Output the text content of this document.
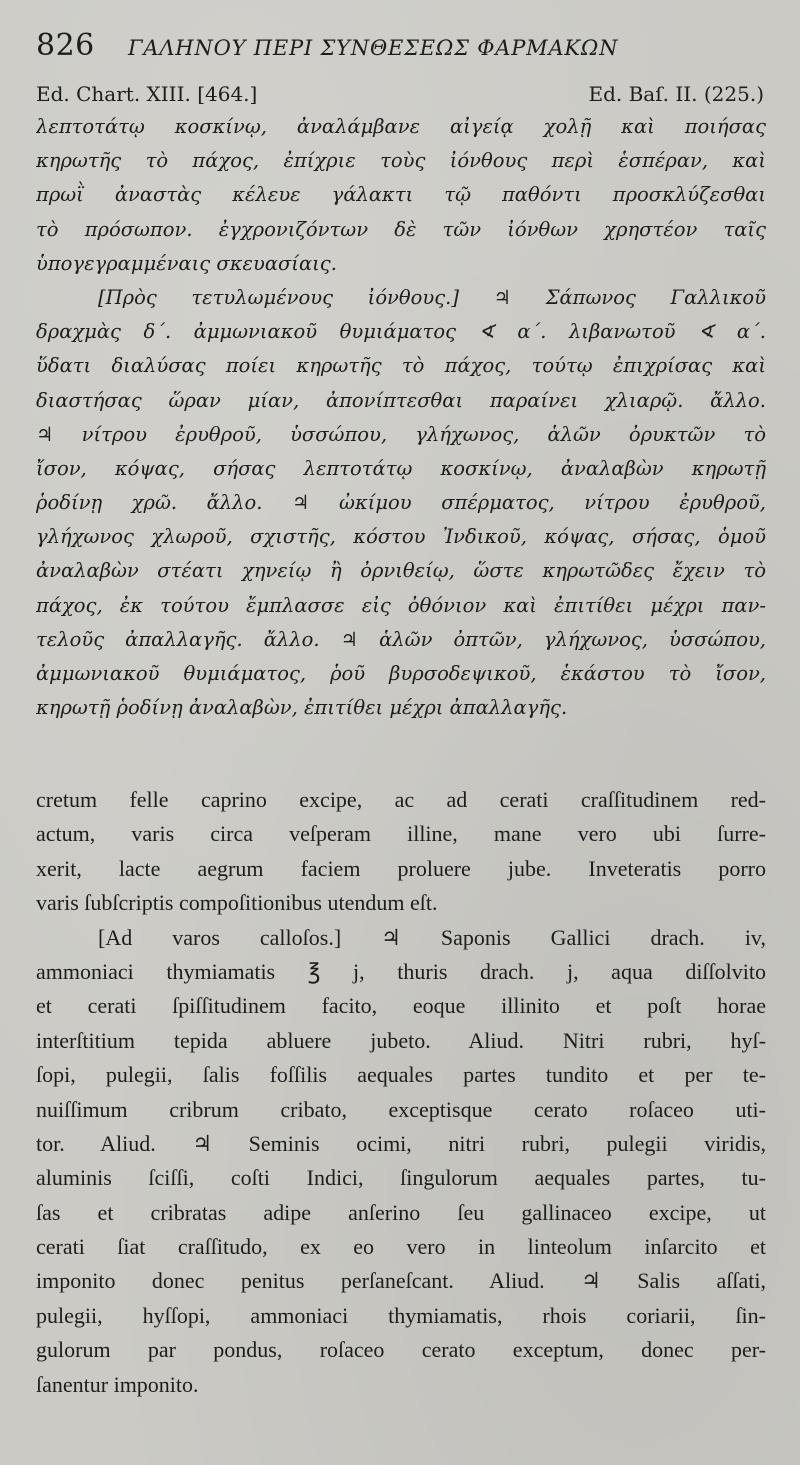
826 ΓΑΛΗΝΟΥ ΠΕΡΙ ΣΥΝΘΕΣΕΩΣ ΦΑΡΜΑΚΩΝ
Ed. Chart. XIII. [464.]	Ed. Baſ. II. (225.)
λεπτοτάτῳ κοσκίνῳ, ἀναλάμβανε αἰγείᾳ χολῇ καὶ ποιήσας
κηρωτῆς τὸ πάχος, ἐπίχριε τοὺς ἰόνθους περὶ ἑσπέραν, καὶ
πρωῒ ἀναστὰς κέλευε γάλακτι τῷ παθόντι προσκλύζεσθαι
τὸ πρόσωπον. ἐγχρονιζόντων δὲ τῶν ἰόνθων χρηστέον ταῖς
ὑπογεγραμμέναις σκευασίαις.
[Πρὸς τετυλωμένους ἰόνθους.] ♃ Σάπωνος Γαλλικοῦ
δραχμὰς δ΄. ἀμμωνιακοῦ θυμιάματος ∢ α΄. λιβανωτοῦ ∢ α΄.
ὕδατι διαλύσας ποίει κηρωτῆς τὸ πάχος, τούτῳ ἐπιχρίσας καὶ
διαστήσας ὥραν μίαν, ἀπονίπτεσθαι παραίνει χλιαρῷ. ἄλλο.
♃ νίτρου ἐρυθροῦ, ὑσσώπου, γλήχωνος, ἁλῶν ὀρυκτῶν τὸ
ἴσον, κόψας, σήσας λεπτοτάτῳ κοσκίνῳ, ἀναλαβὼν κηρωτῇ
ῥοδίνῃ χρῶ. ἄλλο. ♃ ὠκίμου σπέρματος, νίτρου ἐρυθροῦ,
γλήχωνος χλωροῦ, σχιστῆς, κόστου Ἰνδικοῦ, κόψας, σήσας, ὁμοῦ
ἀναλαβὼν στέατι χηνείῳ ἢ ὀρνιθείῳ, ὥστε κηρωτῶδες ἔχειν τὸ
πάχος, ἐκ τούτου ἔμπλασσε εἰς ὀθόνιον καὶ ἐπιτίθει μέχρι παν-
τελοῦς ἀπαλλαγῆς. ἄλλο. ♃ ἁλῶν ὀπτῶν, γλήχωνος, ὑσσώπου,
ἀμμωνιακοῦ θυμιάματος, ῥοῦ βυρσοδεψικοῦ, ἑκάστου τὸ ἴσον,
κηρωτῇ ῥοδίνῃ ἀναλαβὼν, ἐπιτίθει μέχρι ἀπαλλαγῆς.
cretum felle caprino excipe, ac ad cerati craſſitudinem red-
actum, varis circa veſperam illine, mane vero ubi ſurre-
xerit, lacte aegrum faciem proluere jube. Inveteratis porro
varis ſubſcriptis compoſitionibus utendum eſt.
[Ad varos calloſos.] ♃ Saponis Gallici drach. iv,
ammoniaci thymiamatis ℥ j, thuris drach. j, aqua diſſolvito
et cerati ſpiſſitudinem facito, eoque illinito et poſt horae
interſtitium tepida abluere jubeto. Aliud. Nitri rubri, hyſ-
ſopi, pulegii, ſalis foſſilis aequales partes tundito et per te-
nuiſſimum cribrum cribato, exceptisque cerato roſaceo uti-
tor. Aliud. ♃ Seminis ocimi, nitri rubri, pulegii viridis,
aluminis ſciſſi, coſti Indici, ſingulorum aequales partes, tu-
ſas et cribratas adipe anſerino ſeu gallinaceo excipe, ut
cerati ſiat craſſitudo, ex eo vero in linteolum inſarcito et
imponito donec penitus perſaneſcant. Aliud. ♃ Salis aſſati,
pulegii, hyſſopi, ammoniaci thymiamatis, rhois coriarii, ſin-
gulorum par pondus, roſaceo cerato exceptum, donec per-
ſanentur imponito.
